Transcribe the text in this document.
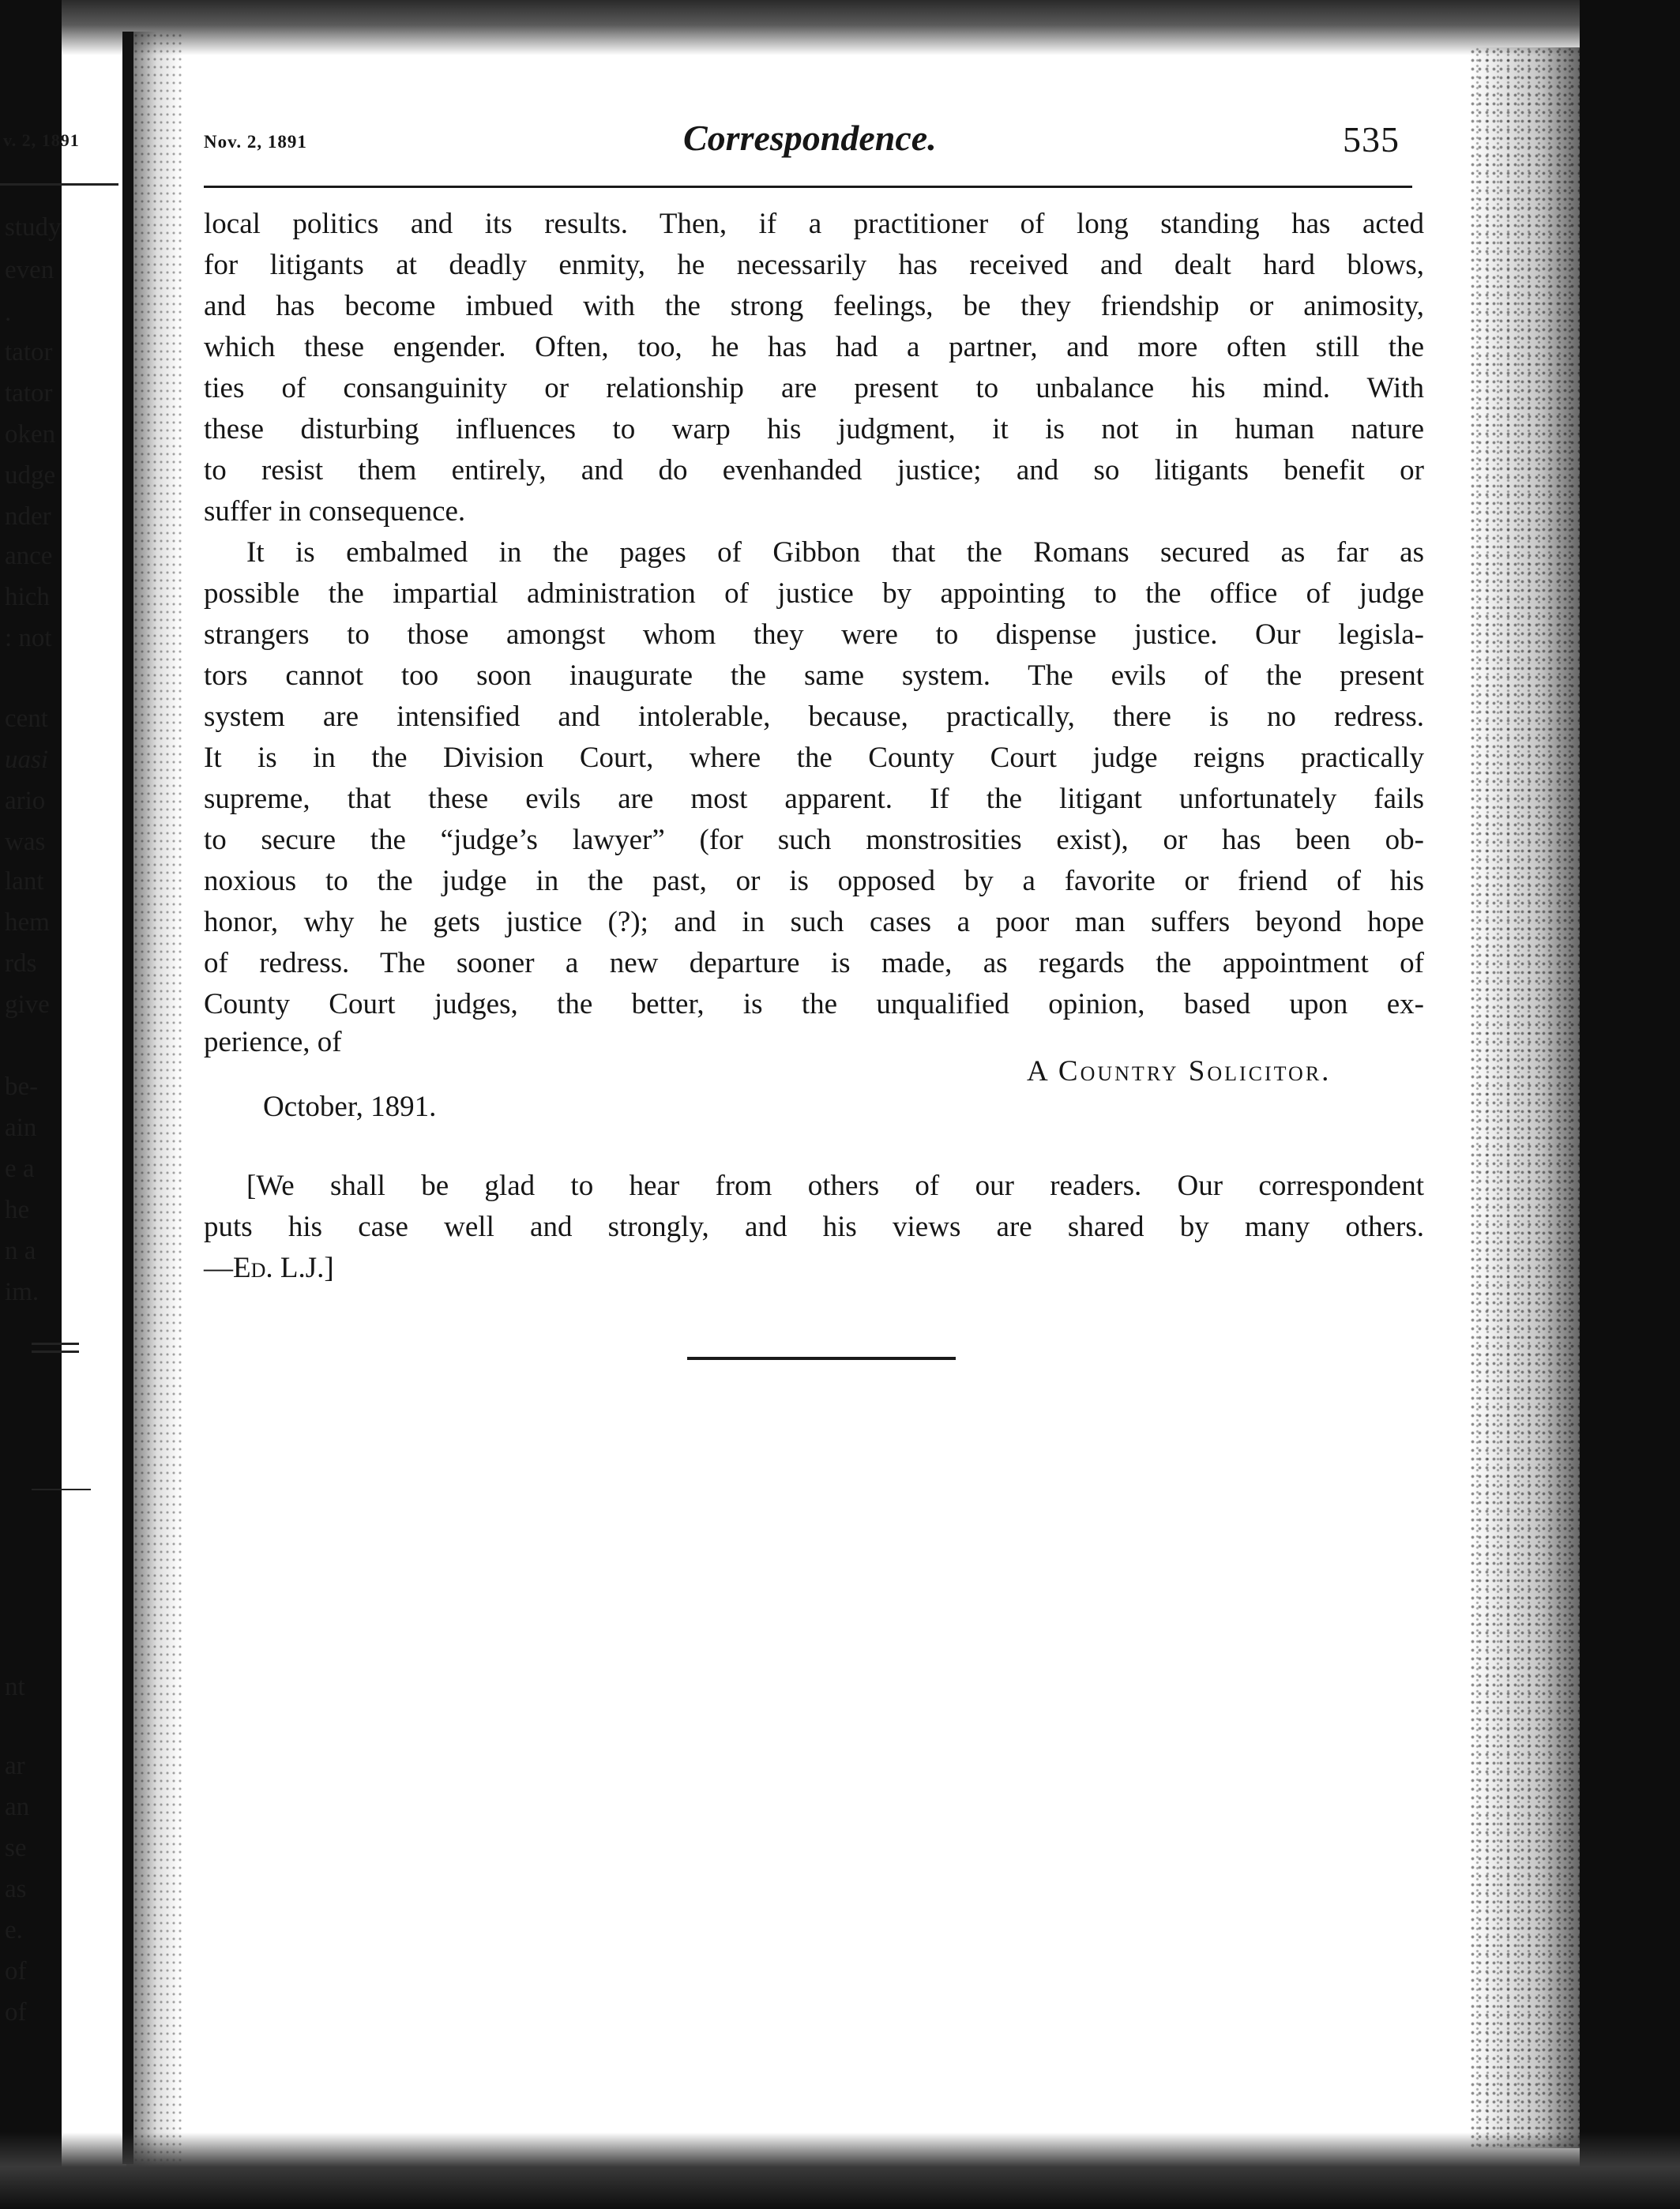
v. 2, 1891
study
even
.
tator
tator
oken
udge
nder
ance
hich
: not
cent
uasi
ario
was
lant
hem
rds
give
be-
ain
e a
he
n a
im.
nt
ar
an
se
as
e.
of
of
Nov. 2, 1891	Correspondence.	535
local politics and its results. Then, if a practitioner of long standing has acted
for litigants at deadly enmity, he necessarily has received and dealt hard blows,
and has become imbued with the strong feelings, be they friendship or animosity,
which these engender. Often, too, he has had a partner, and more often still the
ties of consanguinity or relationship are present to unbalance his mind. With
these disturbing influences to warp his judgment, it is not in human nature
to resist them entirely, and do evenhanded justice; and so litigants benefit or
suffer in consequence.
It is embalmed in the pages of Gibbon that the Romans secured as far as
possible the impartial administration of justice by appointing to the office of judge
strangers to those amongst whom they were to dispense justice. Our legisla-
tors cannot too soon inaugurate the same system. The evils of the present
system are intensified and intolerable, because, practically, there is no redress.
It is in the Division Court, where the County Court judge reigns practically
supreme, that these evils are most apparent. If the litigant unfortunately fails
to secure the “judge’s lawyer” (for such monstrosities exist), or has been ob-
noxious to the judge in the past, or is opposed by a favorite or friend of his
honor, why he gets justice (?); and in such cases a poor man suffers beyond hope
of redress. The sooner a new departure is made, as regards the appointment of
County Court judges, the better, is the unqualified opinion, based upon ex-
perience, of
A Country Solicitor.
October, 1891.
[We shall be glad to hear from others of our readers. Our correspondent
puts his case well and strongly, and his views are shared by many others.
—Ed. L.J.]
